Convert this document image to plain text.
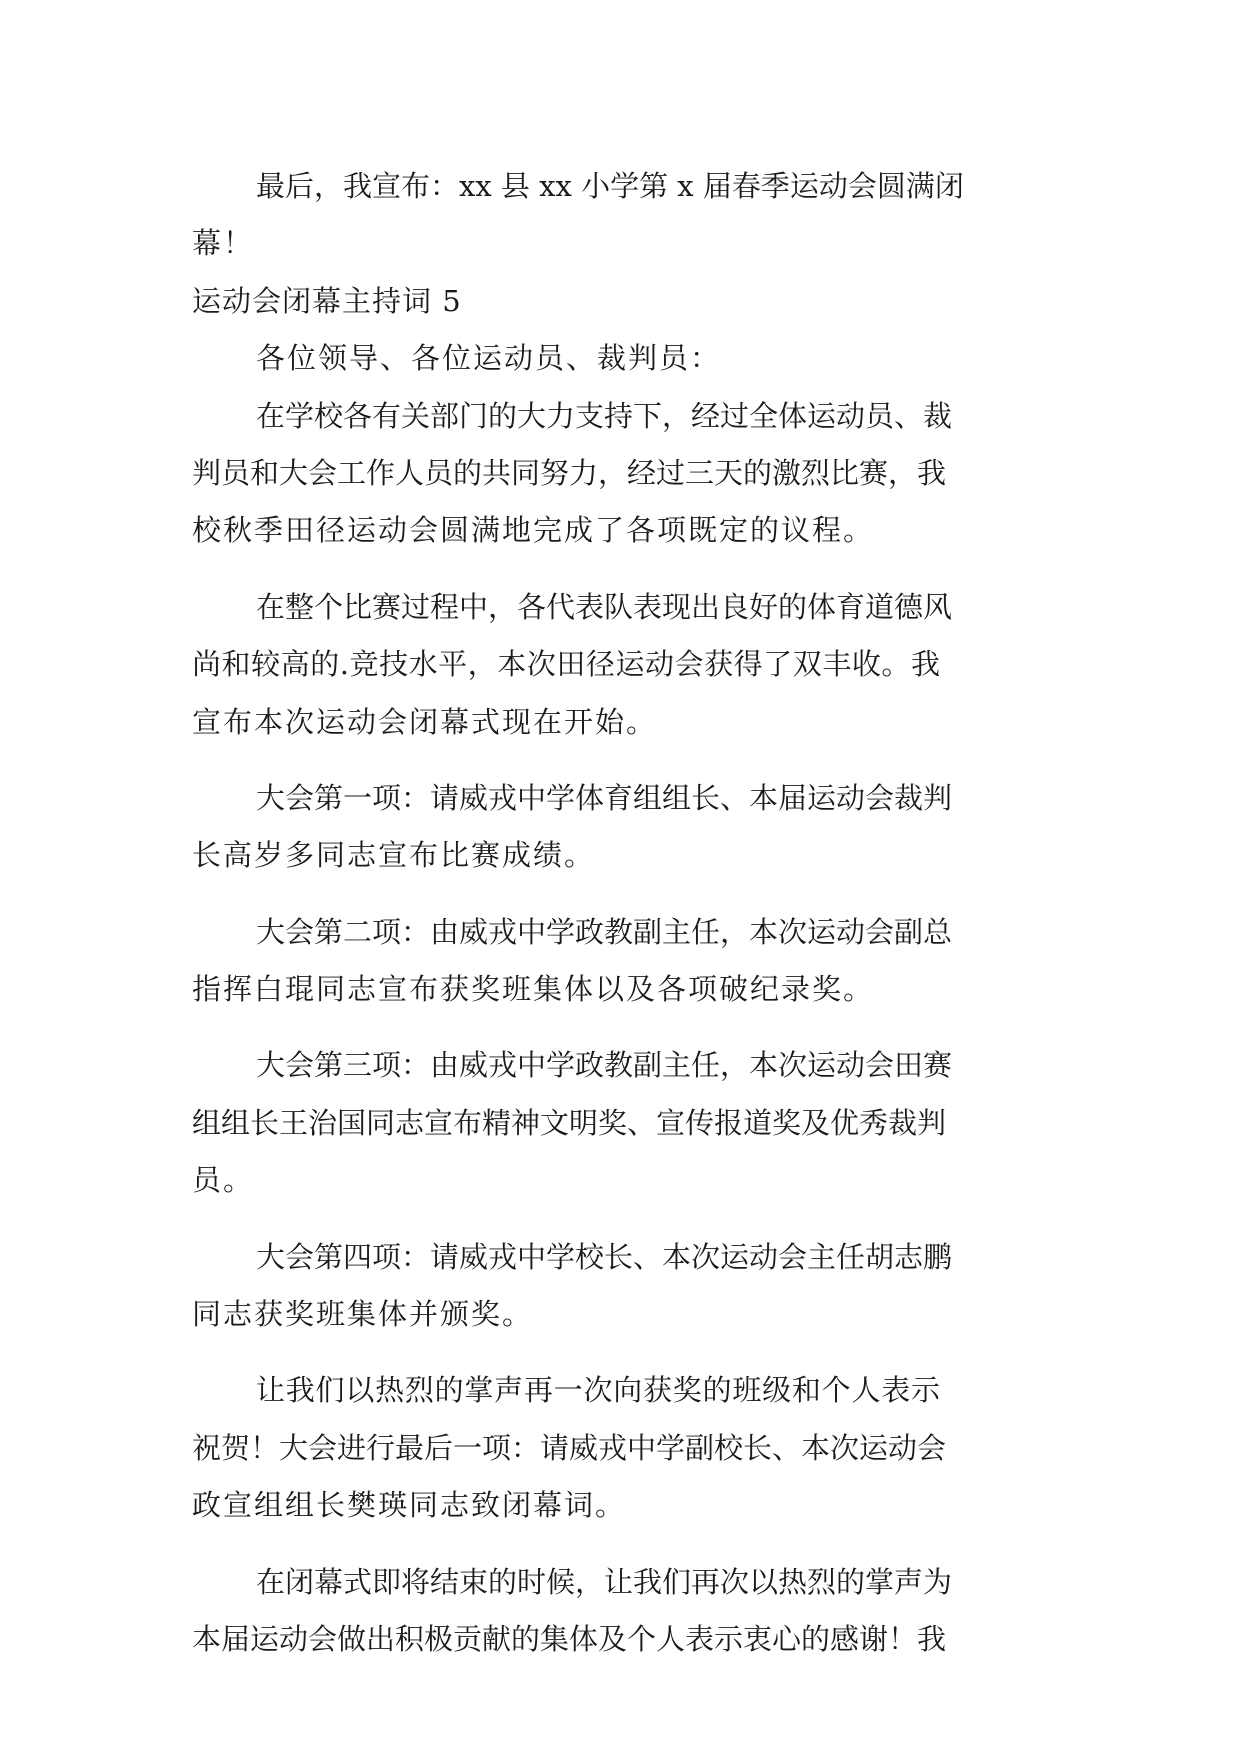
最后，我宣布：xx 县 xx 小学第 x 届春季运动会圆满闭
幕！
运动会闭幕主持词 5
各位领导、各位运动员、裁判员：
在学校各有关部门的大力支持下，经过全体运动员、裁
判员和大会工作人员的共同努力，经过三天的激烈比赛，我
校秋季田径运动会圆满地完成了各项既定的议程。
在整个比赛过程中，各代表队表现出良好的体育道德风
尚和较高的.竞技水平，本次田径运动会获得了双丰收。我
宣布本次运动会闭幕式现在开始。
大会第一项：请威戎中学体育组组长、本届运动会裁判
长高岁多同志宣布比赛成绩。
大会第二项：由威戎中学政教副主任，本次运动会副总
指挥白琨同志宣布获奖班集体以及各项破纪录奖。
大会第三项：由威戎中学政教副主任，本次运动会田赛
组组长王治国同志宣布精神文明奖、宣传报道奖及优秀裁判
员。
大会第四项：请威戎中学校长、本次运动会主任胡志鹏
同志获奖班集体并颁奖。
让我们以热烈的掌声再一次向获奖的班级和个人表示
祝贺！大会进行最后一项：请威戎中学副校长、本次运动会
政宣组组长樊瑛同志致闭幕词。
在闭幕式即将结束的时候，让我们再次以热烈的掌声为
本届运动会做出积极贡献的集体及个人表示衷心的感谢！我
